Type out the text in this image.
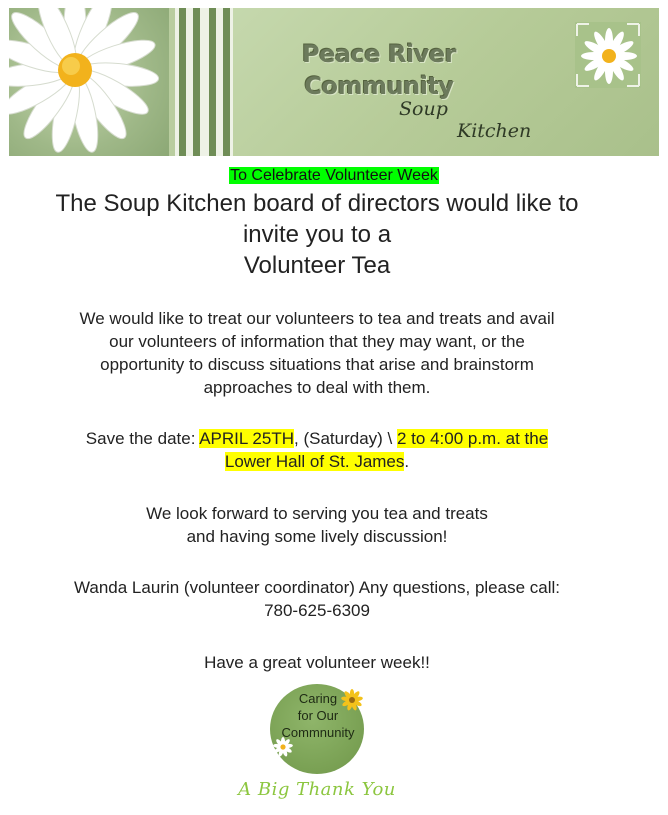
Peace River
Community
Soup
Kitchen
To Celebrate Volunteer Week
The Soup Kitchen board of directors would like to
invite you to a
Volunteer Tea
We would like to treat our volunteers to tea and treats and avail
our volunteers of information that they may want, or the
opportunity to discuss situations that arise and brainstorm
approaches to deal with them.
Save the date: APRIL 25TH, (Saturday) \ 2 to 4:00 p.m. at the
Lower Hall of St. James.
We look forward to serving you tea and treats
and having some lively discussion!
Wanda Laurin (volunteer coordinator) Any questions, please call:
780-625-6309
Have a great volunteer week!!
Caring
for Our
Commnunity
A Big Thank You
